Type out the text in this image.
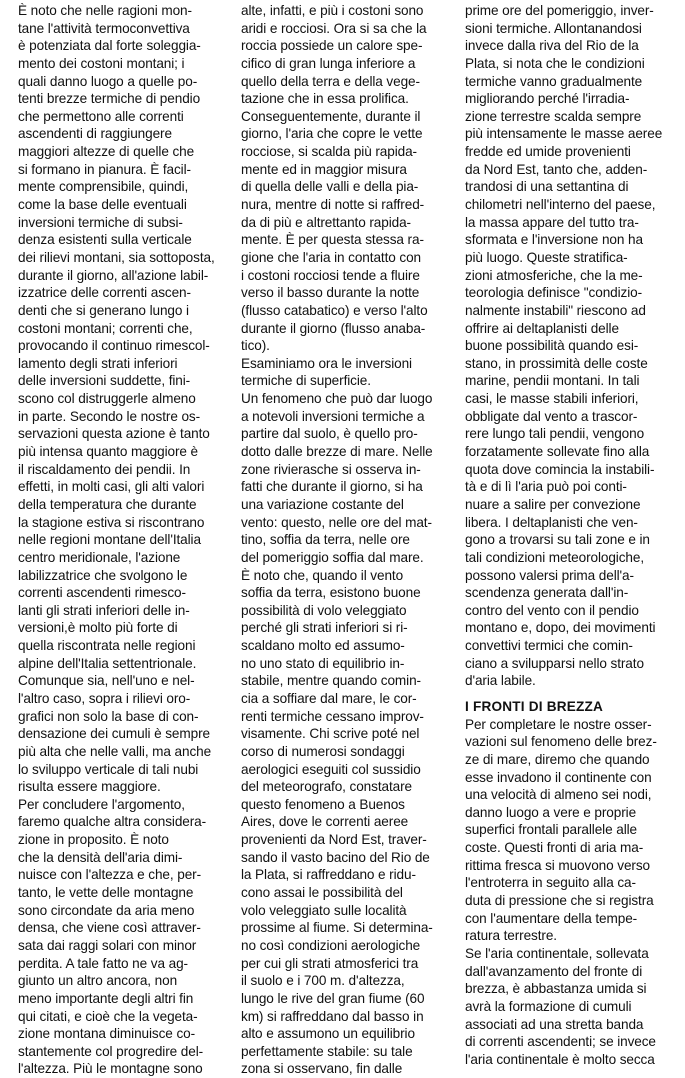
È noto che nelle ragioni mon-
tane l'attività termoconvettiva
è potenziata dal forte soleggia-
mento dei costoni montani; i
quali danno luogo a quelle po-
tenti brezze termiche di pendio
che permettono alle correnti
ascendenti di raggiungere
maggiori altezze di quelle che
si formano in pianura. È facil-
mente comprensibile, quindi,
come la base delle eventuali
inversioni termiche di subsi-
denza esistenti sulla verticale
dei rilievi montani, sia sottoposta,
durante il giorno, all'azione labil-
izzatrice delle correnti ascen-
denti che si generano lungo i
costoni montani; correnti che,
provocando il continuo rimescol-
lamento degli strati inferiori
delle inversioni suddette, fini-
scono col distruggerle almeno
in parte. Secondo le nostre os-
servazioni questa azione è tanto
più intensa quanto maggiore è
il riscaldamento dei pendii. In
effetti, in molti casi, gli alti valori
della temperatura che durante
la stagione estiva si riscontrano
nelle regioni montane dell'Italia
centro meridionale, l'azione
labilizzatrice che svolgono le
correnti ascendenti rimesco-
lanti gli strati inferiori delle in-
versioni,è molto più forte di
quella riscontrata nelle regioni
alpine dell'Italia settentrionale.
Comunque sia, nell'uno e nel-
l'altro caso, sopra i rilievi oro-
grafici non solo la base di con-
densazione dei cumuli è sempre
più alta che nelle valli, ma anche
lo sviluppo verticale di tali nubi
risulta essere maggiore.
Per concludere l'argomento,
faremo qualche altra considera-
zione in proposito. È noto
che la densità dell'aria dimi-
nuisce con l'altezza e che, per-
tanto, le vette delle montagne
sono circondate da aria meno
densa, che viene così attraver-
sata dai raggi solari con minor
perdita. A tale fatto ne va ag-
giunto un altro ancora, non
meno importante degli altri fin
qui citati, e cioè che la vegeta-
zione montana diminuisce co-
stantemente col progredire del-
l'altezza. Più le montagne sono
alte, infatti, e più i costoni sono
aridi e rocciosi. Ora si sa che la
roccia possiede un calore spe-
cifico di gran lunga inferiore a
quello della terra e della vege-
tazione che in essa prolifica.
Conseguentemente, durante il
giorno, l'aria che copre le vette
rocciose, si scalda più rapida-
mente ed in maggior misura
di quella delle valli e della pia-
nura, mentre di notte si raffred-
da di più e altrettanto rapida-
mente. È per questa stessa ra-
gione che l'aria in contatto con
i costoni rocciosi tende a fluire
verso il basso durante la notte
(flusso catabatico) e verso l'alto
durante il giorno (flusso anaba-
tico).
Esaminiamo ora le inversioni
termiche di superficie.
Un fenomeno che può dar luogo
a notevoli inversioni termiche a
partire dal suolo, è quello pro-
dotto dalle brezze di mare. Nelle
zone rivierasche si osserva in-
fatti che durante il giorno, si ha
una variazione costante del
vento: questo, nelle ore del mat-
tino, soffia da terra, nelle ore
del pomeriggio soffia dal mare.
È noto che, quando il vento
soffia da terra, esistono buone
possibilità di volo veleggiato
perché gli strati inferiori si ri-
scaldano molto ed assumo-
no uno stato di equilibrio in-
stabile, mentre quando comin-
cia a soffiare dal mare, le cor-
renti termiche cessano improv-
visamente. Chi scrive poté nel
corso di numerosi sondaggi
aerologici eseguiti col sussidio
del meteorografo, constatare
questo fenomeno a Buenos
Aires, dove le correnti aeree
provenienti da Nord Est, traver-
sando il vasto bacino del Rio de
la Plata, si raffreddano e ridu-
cono assai le possibilità del
volo veleggiato sulle località
prossime al fiume. Si determina-
no così condizioni aerologiche
per cui gli strati atmosferici tra
il suolo e i 700 m. d'altezza,
lungo le rive del gran fiume (60
km) si raffreddano dal basso in
alto e assumono un equilibrio
perfettamente stabile: su tale
zona si osservano, fin dalle
prime ore del pomeriggio, inver-
sioni termiche. Allontanandosi
invece dalla riva del Rio de la
Plata, si nota che le condizioni
termiche vanno gradualmente
migliorando perché l'irradia-
zione terrestre scalda sempre
più intensamente le masse aeree
fredde ed umide provenienti
da Nord Est, tanto che, adden-
trandosi di una settantina di
chilometri nell'interno del paese,
la massa appare del tutto tra-
sformata e l'inversione non ha
più luogo. Queste stratifica-
zioni atmosferiche, che la me-
teorologia definisce "condizio-
nalmente instabili" riescono ad
offrire ai deltaplanisti delle
buone possibilità quando esi-
stano, in prossimità delle coste
marine, pendii montani. In tali
casi, le masse stabili inferiori,
obbligate dal vento a trascor-
rere lungo tali pendii, vengono
forzatamente sollevate fino alla
quota dove comincia la instabili-
tà e di lì l'aria può poi conti-
nuare a salire per convezione
libera. I deltaplanisti che ven-
gono a trovarsi su tali zone e in
tali condizioni meteorologiche,
possono valersi prima dell'a-
scendenza generata dall'in-
contro del vento con il pendio
montano e, dopo, dei movimenti
convettivi termici che comin-
ciano a svilupparsi nello strato
d'aria labile.
I FRONTI DI BREZZA
Per completare le nostre osser-
vazioni sul fenomeno delle brez-
ze di mare, diremo che quando
esse invadono il continente con
una velocità di almeno sei nodi,
danno luogo a vere e proprie
superfici frontali parallele alle
coste. Questi fronti di aria ma-
rittima fresca si muovono verso
l'entroterra in seguito alla ca-
duta di pressione che si registra
con l'aumentare della tempe-
ratura terrestre.
Se l'aria continentale, sollevata
dall'avanzamento del fronte di
brezza, è abbastanza umida si
avrà la formazione di cumuli
associati ad una stretta banda
di correnti ascendenti; se invece
l'aria continentale è molto secca
